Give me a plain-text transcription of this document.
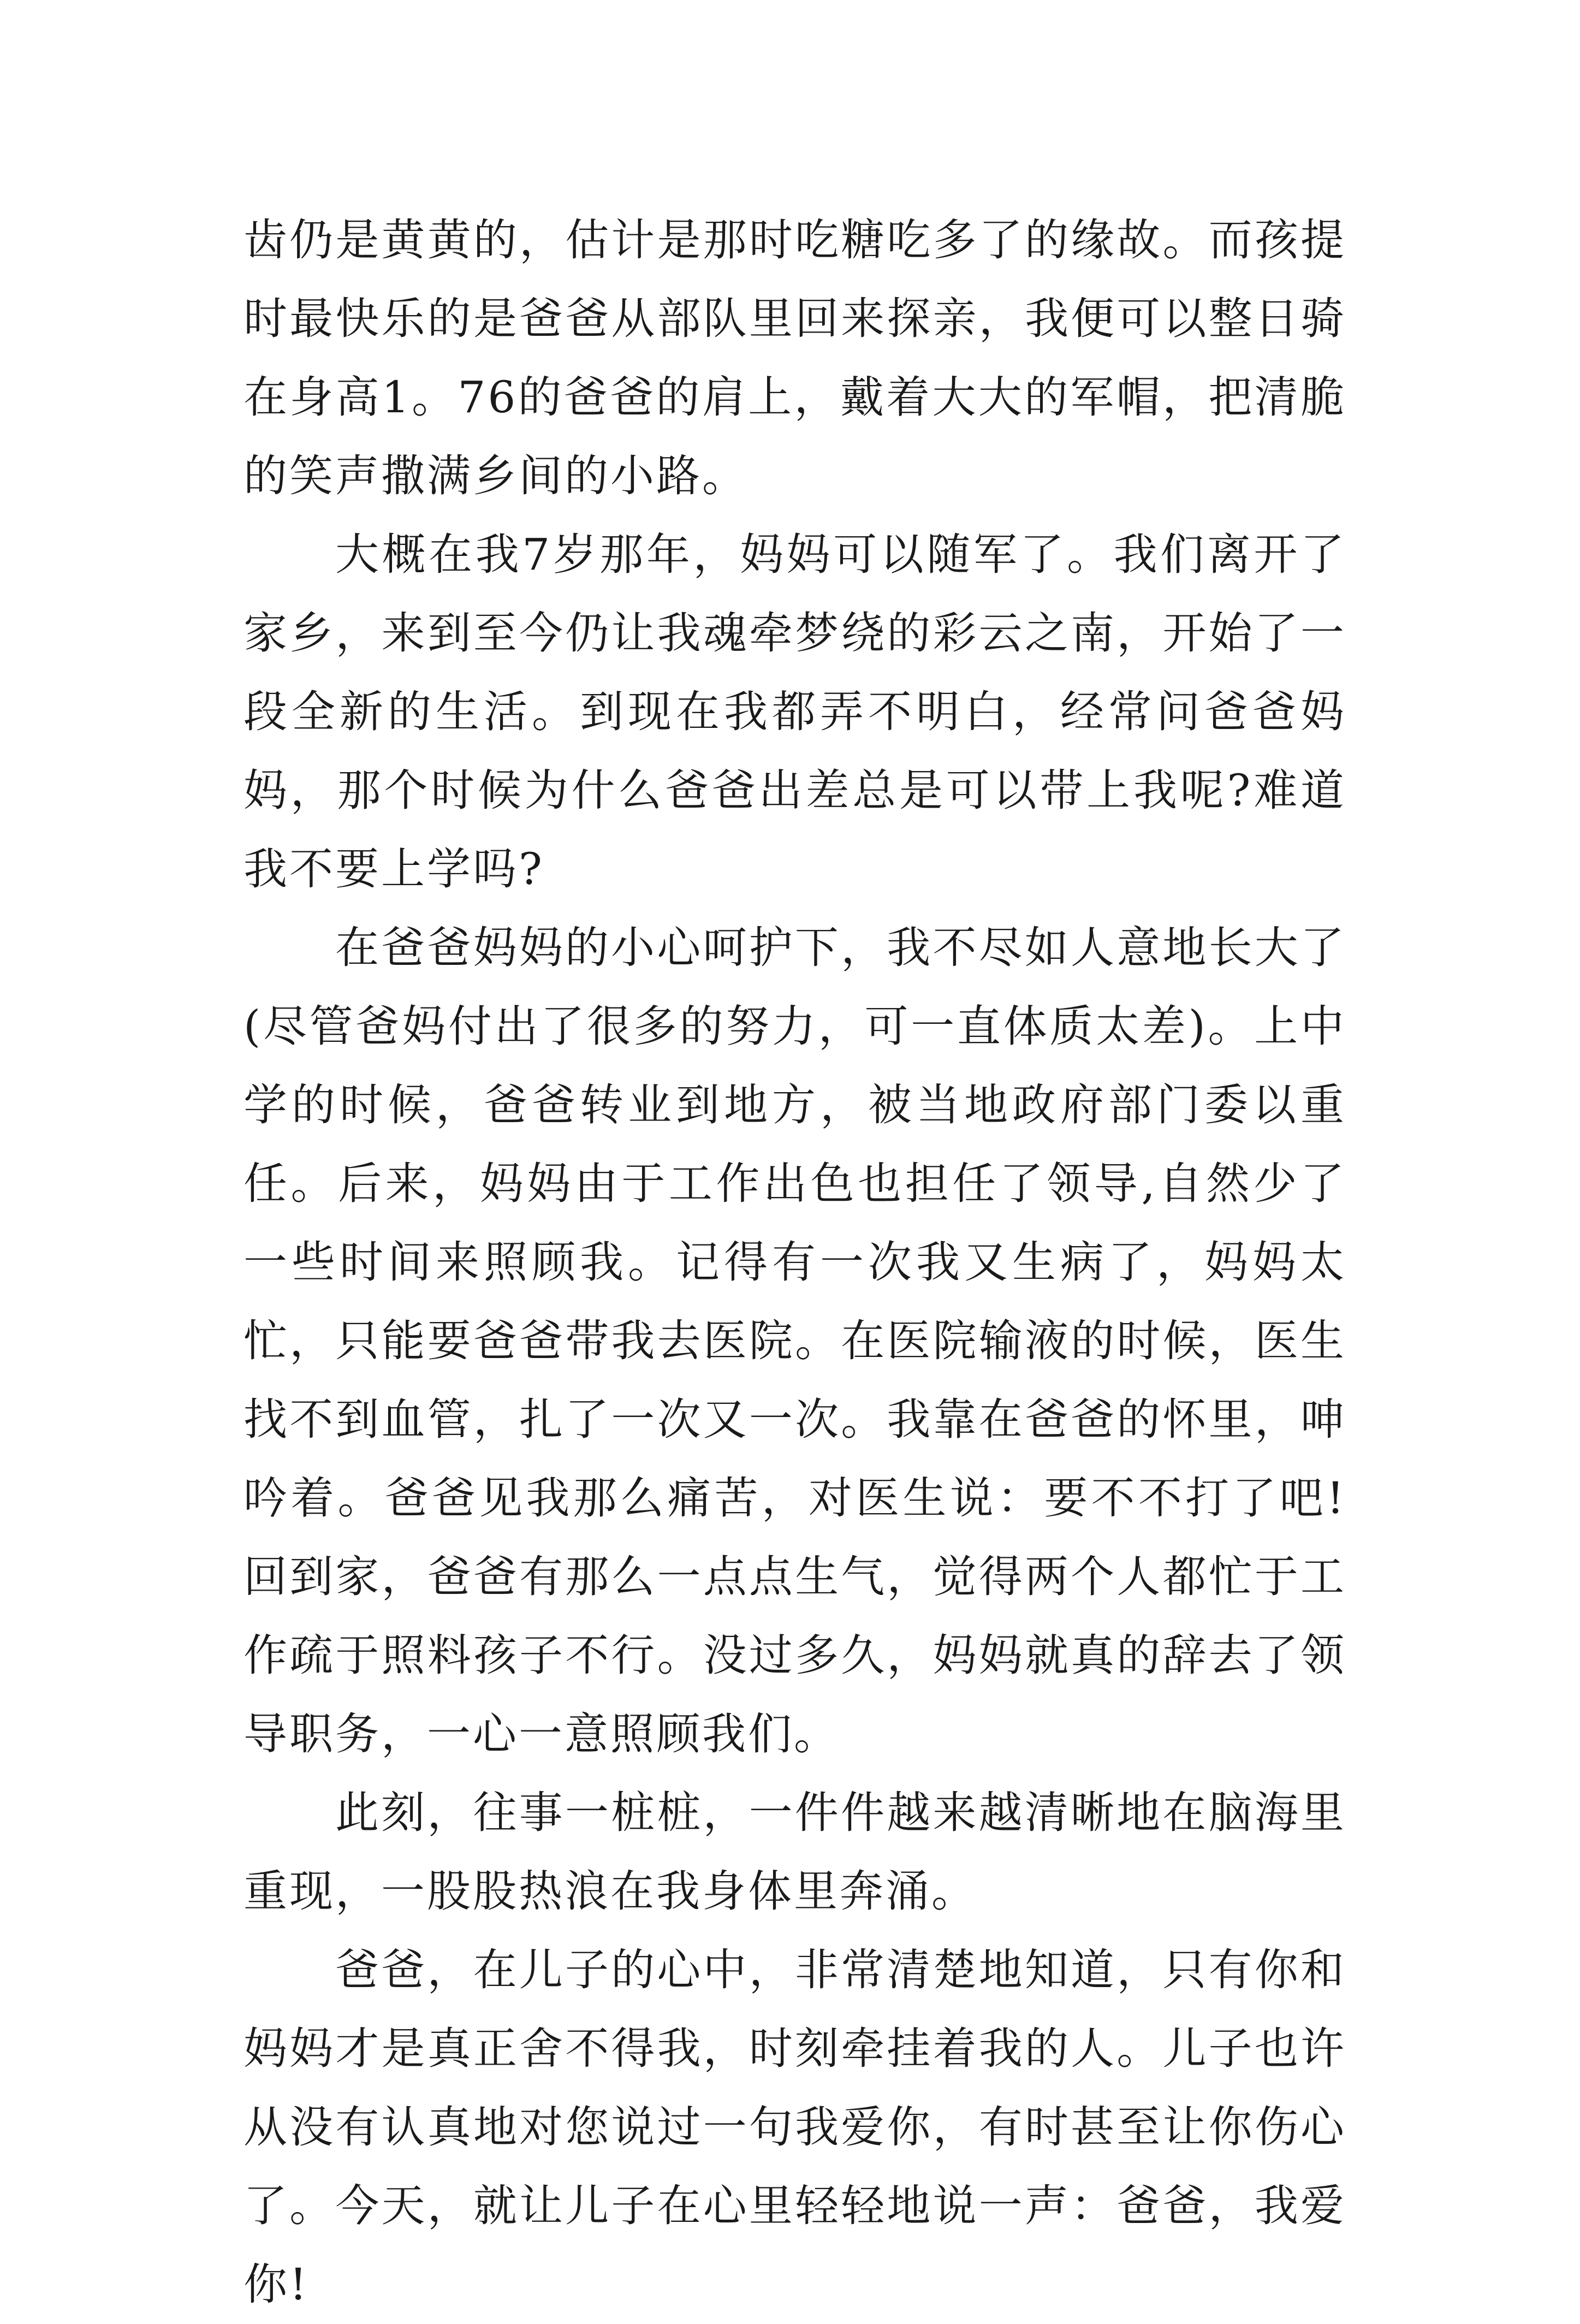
齿仍是黄黄的，估计是那时吃糖吃多了的缘故。而孩提时最快乐的是爸爸从部队里回来探亲，我便可以整日骑在身高1。76的爸爸的肩上，戴着大大的军帽，把清脆的笑声撒满乡间的小路。

大概在我7岁那年，妈妈可以随军了。我们离开了家乡，来到至今仍让我魂牵梦绕的彩云之南，开始了一段全新的生活。到现在我都弄不明白，经常问爸爸妈妈，那个时候为什么爸爸出差总是可以带上我呢?难道我不要上学吗?

在爸爸妈妈的小心呵护下，我不尽如人意地长大了(尽管爸妈付出了很多的努力，可一直体质太差)。上中学的时候，爸爸转业到地方，被当地政府部门委以重任。后来，妈妈由于工作出色也担任了领导,自然少了一些时间来照顾我。记得有一次我又生病了，妈妈太忙，只能要爸爸带我去医院。在医院输液的时候，医生找不到血管，扎了一次又一次。我靠在爸爸的怀里，呻吟着。爸爸见我那么痛苦，对医生说：要不不打了吧!回到家，爸爸有那么一点点生气，觉得两个人都忙于工作疏于照料孩子不行。没过多久，妈妈就真的辞去了领导职务，一心一意照顾我们。

此刻，往事一桩桩，一件件越来越清晰地在脑海里重现，一股股热浪在我身体里奔涌。

爸爸，在儿子的心中，非常清楚地知道，只有你和妈妈才是真正舍不得我，时刻牵挂着我的人。儿子也许从没有认真地对您说过一句我爱你，有时甚至让你伤心了。今天，就让儿子在心里轻轻地说一声：爸爸，我爱你!
